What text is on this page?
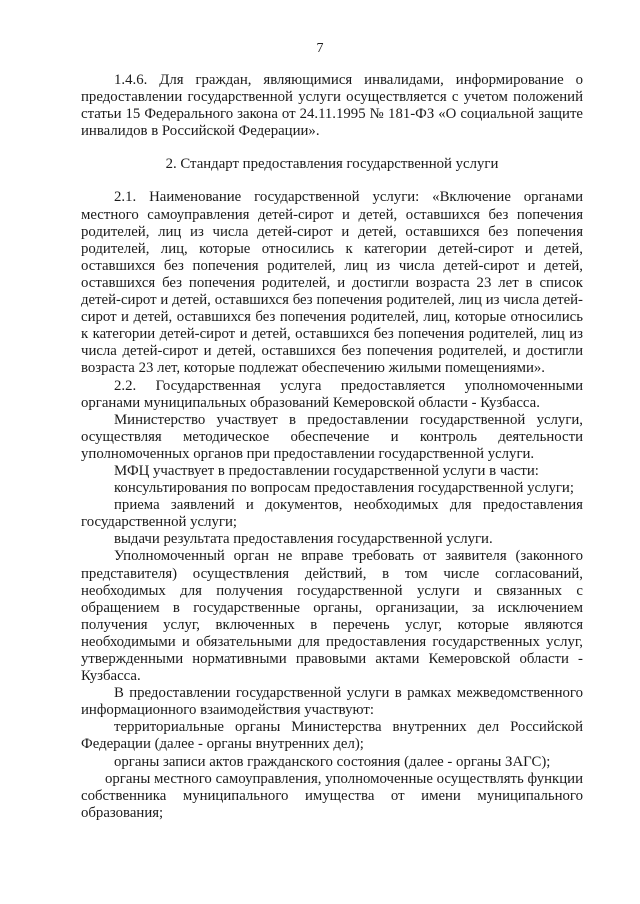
7

1.4.6. Для граждан, являющимися инвалидами, информирование о предоставлении государственной услуги осуществляется с учетом положений статьи 15 Федерального закона от 24.11.1995 № 181-ФЗ «О социальной защите инвалидов в Российской Федерации».

2. Стандарт предоставления государственной услуги

2.1. Наименование государственной услуги: «Включение органами местного самоуправления детей-сирот и детей, оставшихся без попечения родителей, лиц из числа детей-сирот и детей, оставшихся без попечения родителей, лиц, которые относились к категории детей-сирот и детей, оставшихся без попечения родителей, лиц из числа детей-сирот и детей, оставшихся без попечения родителей, и достигли возраста 23 лет в список детей-сирот и детей, оставшихся без попечения родителей, лиц из числа детей-сирот и детей, оставшихся без попечения родителей, лиц, которые относились к категории детей-сирот и детей, оставшихся без попечения родителей, лиц из числа детей-сирот и детей, оставшихся без попечения родителей, и достигли возраста 23 лет, которые подлежат обеспечению жилыми помещениями».

2.2. Государственная услуга предоставляется уполномоченными органами муниципальных образований Кемеровской области - Кузбасса.

Министерство участвует в предоставлении государственной услуги, осуществляя методическое обеспечение и контроль деятельности уполномоченных органов при предоставлении государственной услуги.

МФЦ участвует в предоставлении государственной услуги в части:

консультирования по вопросам предоставления государственной услуги;

приема заявлений и документов, необходимых для предоставления государственной услуги;

выдачи результата предоставления государственной услуги.

Уполномоченный орган не вправе требовать от заявителя (законного представителя) осуществления действий, в том числе согласований, необходимых для получения государственной услуги и связанных с обращением в государственные органы, организации, за исключением получения услуг, включенных в перечень услуг, которые являются необходимыми и обязательными для предоставления государственных услуг, утвержденными нормативными правовыми актами Кемеровской области - Кузбасса.

В предоставлении государственной услуги в рамках межведомственного информационного взаимодействия участвуют:

территориальные органы Министерства внутренних дел Российской Федерации (далее - органы внутренних дел);

органы записи актов гражданского состояния (далее - органы ЗАГС);

органы местного самоуправления, уполномоченные осуществлять функции собственника муниципального имущества от имени муниципального образования;
